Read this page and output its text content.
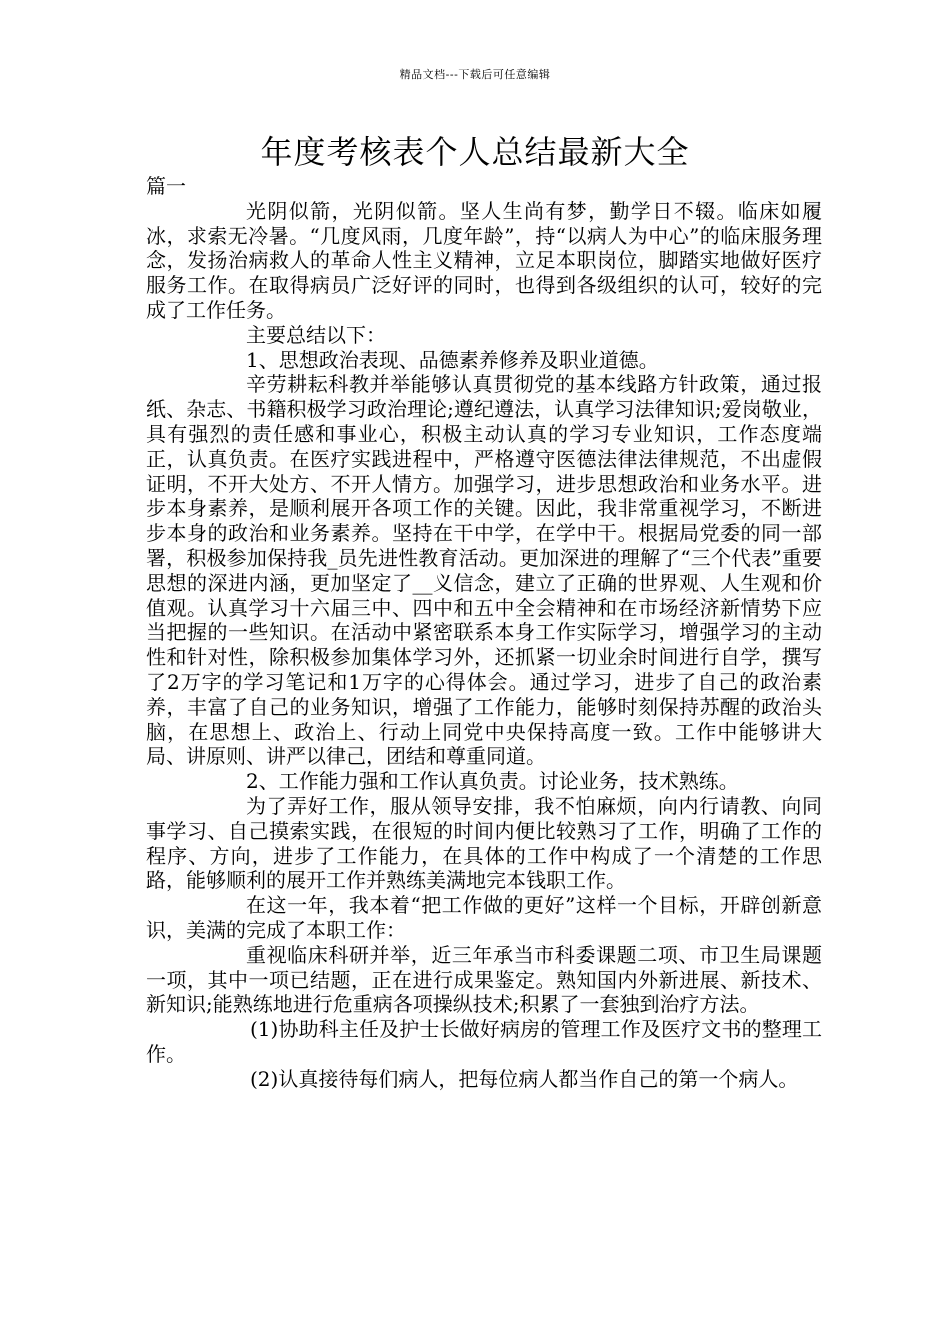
精品文档---下载后可任意编辑
年度考核表个人总结最新大全

篇一

光阴似箭，光阴似箭。坚人生尚有梦，勤学日不辍。临床如履冰，求索无冷暑。“几度风雨，几度年龄”，持“以病人为中心”的临床服务理念，发扬治病救人的革命人性主义精神，立足本职岗位，脚踏实地做好医疗服务工作。在取得病员广泛好评的同时，也得到各级组织的认可，较好的完成了工作任务。

主要总结以下：

1、思想政治表现、品德素养修养及职业道德。

辛劳耕耘科教并举能够认真贯彻党的基本线路方针政策，通过报纸、杂志、书籍积极学习政治理论;遵纪遵法，认真学习法律知识;爱岗敬业，具有强烈的责任感和事业心，积极主动认真的学习专业知识，工作态度端正，认真负责。在医疗实践进程中，严格遵守医德法律法律规范，不出虚假证明，不开大处方、不开人情方。加强学习，进步思想政治和业务水平。进步本身素养，是顺利展开各项工作的关键。因此，我非常重视学习，不断进步本身的政治和业务素养。坚持在干中学，在学中干。根据局党委的同一部署，积极参加保持我_员先进性教育活动。更加深进的理解了“三个代表”重要思想的深进内涵，更加坚定了__义信念，建立了正确的世界观、人生观和价值观。认真学习十六届三中、四中和五中全会精神和在市场经济新情势下应当把握的一些知识。在活动中紧密联系本身工作实际学习，增强学习的主动性和针对性，除积极参加集体学习外，还抓紧一切业余时间进行自学，撰写了2万字的学习笔记和1万字的心得体会。通过学习，进步了自己的政治素养，丰富了自己的业务知识，增强了工作能力，能够时刻保持苏醒的政治头脑，在思想上、政治上、行动上同党中央保持高度一致。工作中能够讲大局、讲原则、讲严以律己，团结和尊重同道。

2、工作能力强和工作认真负责。讨论业务，技术熟练。

为了弄好工作，服从领导安排，我不怕麻烦，向内行请教、向同事学习、自己摸索实践，在很短的时间内便比较熟习了工作，明确了工作的程序、方向，进步了工作能力，在具体的工作中构成了一个清楚的工作思路，能够顺利的展开工作并熟练美满地完本钱职工作。

在这一年，我本着“把工作做的更好”这样一个目标，开辟创新意识，美满的完成了本职工作：

重视临床科研并举，近三年承当市科委课题二项、市卫生局课题一项，其中一项已结题，正在进行成果鉴定。熟知国内外新进展、新技术、新知识;能熟练地进行危重病各项操纵技术;积累了一套独到治疗方法。

(1)协助科主任及护士长做好病房的管理工作及医疗文书的整理工作。

(2)认真接待每们病人，把每位病人都当作自己的第一个病人。
